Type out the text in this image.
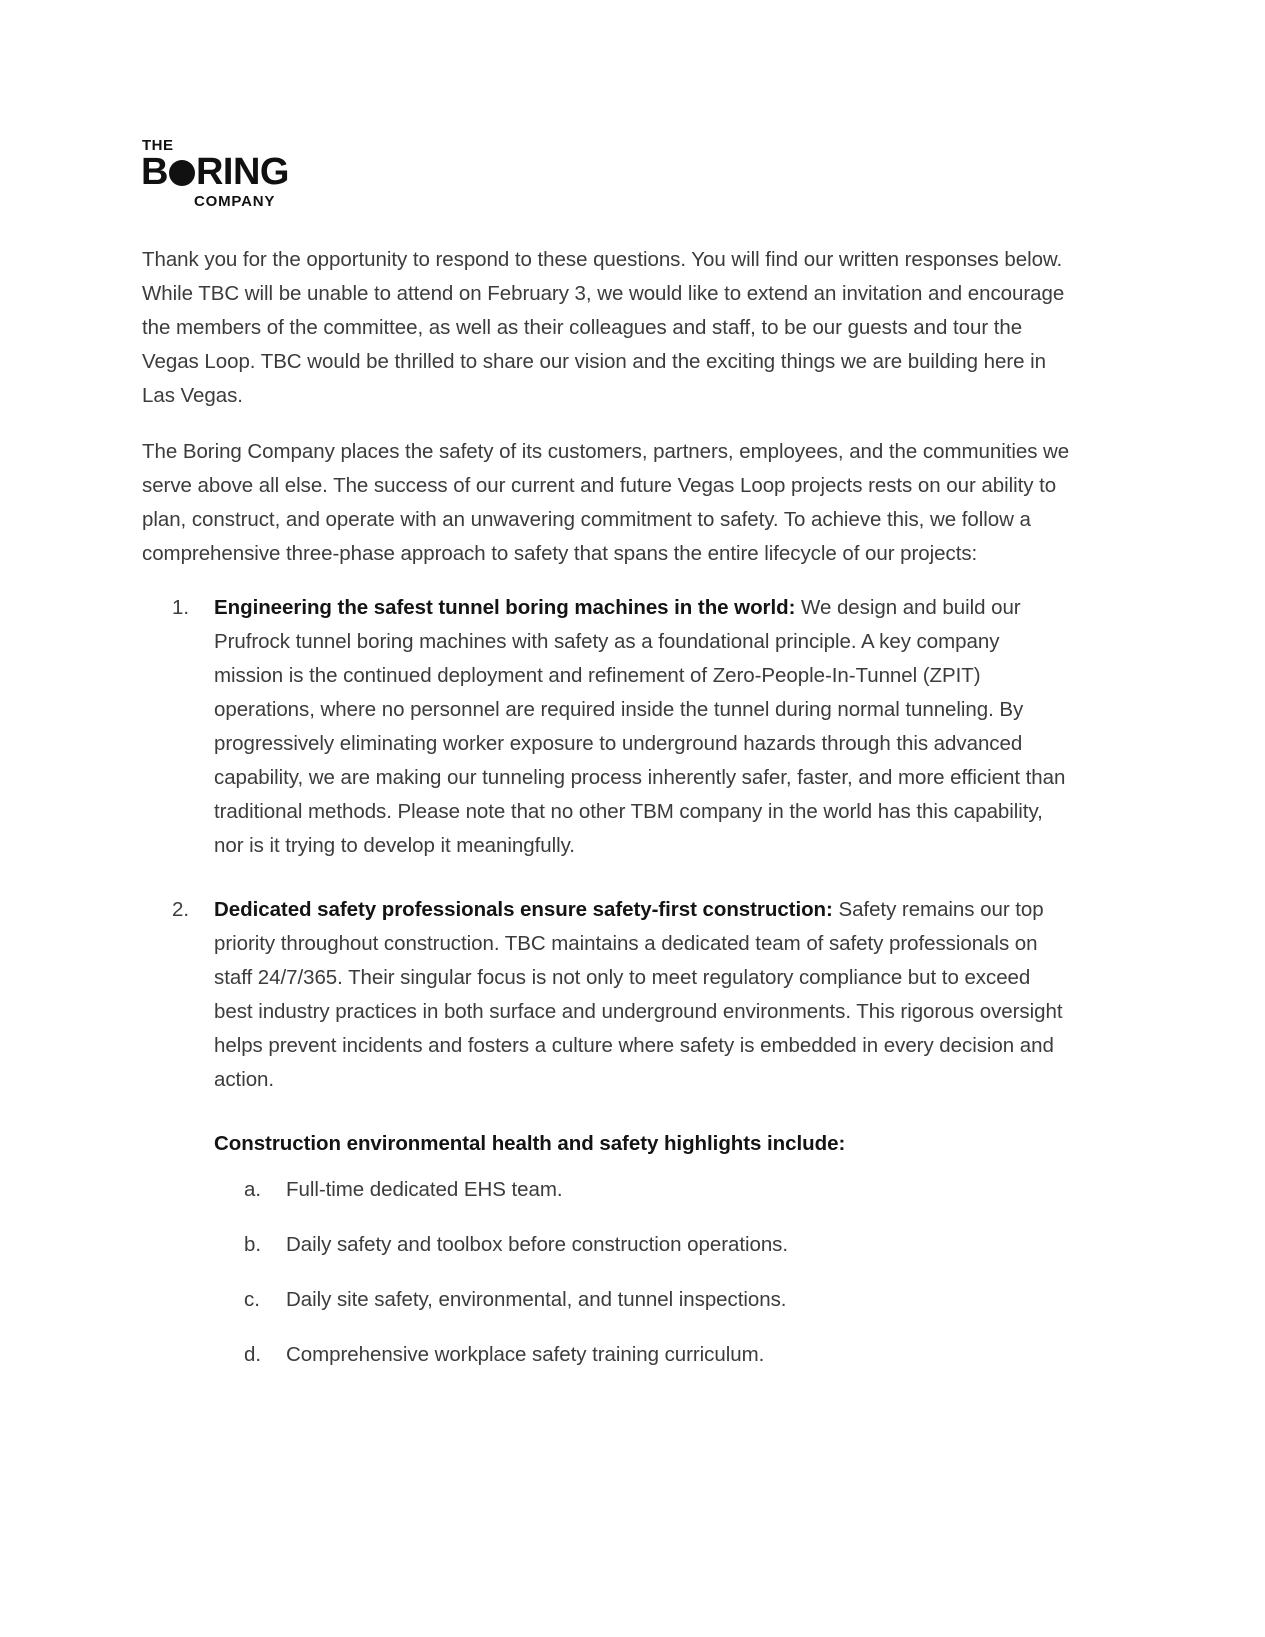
THE
B RING
COMPANY

Thank you for the opportunity to respond to these questions. You will find our written responses below. While TBC will be unable to attend on February 3, we would like to extend an invitation and encourage the members of the committee, as well as their colleagues and staff, to be our guests and tour the Vegas Loop. TBC would be thrilled to share our vision and the exciting things we are building here in Las Vegas.

The Boring Company places the safety of its customers, partners, employees, and the communities we serve above all else. The success of our current and future Vegas Loop projects rests on our ability to plan, construct, and operate with an unwavering commitment to safety. To achieve this, we follow a comprehensive three-phase approach to safety that spans the entire lifecycle of our projects:

1.	Engineering the safest tunnel boring machines in the world: We design and build our Prufrock tunnel boring machines with safety as a foundational principle. A key company mission is the continued deployment and refinement of Zero-People-In-Tunnel (ZPIT) operations, where no personnel are required inside the tunnel during normal tunneling. By progressively eliminating worker exposure to underground hazards through this advanced capability, we are making our tunneling process inherently safer, faster, and more efficient than traditional methods. Please note that no other TBM company in the world has this capability, nor is it trying to develop it meaningfully.
2.	Dedicated safety professionals ensure safety-first construction: Safety remains our top priority throughout construction. TBC maintains a dedicated team of safety professionals on staff 24/7/365. Their singular focus is not only to meet regulatory compliance but to exceed best industry practices in both surface and underground environments. This rigorous oversight helps prevent incidents and fosters a culture where safety is embedded in every decision and action.
Construction environmental health and safety highlights include:
a.	Full-time dedicated EHS team.
b.	Daily safety and toolbox before construction operations.
c.	Daily site safety, environmental, and tunnel inspections.
d.	Comprehensive workplace safety training curriculum.
